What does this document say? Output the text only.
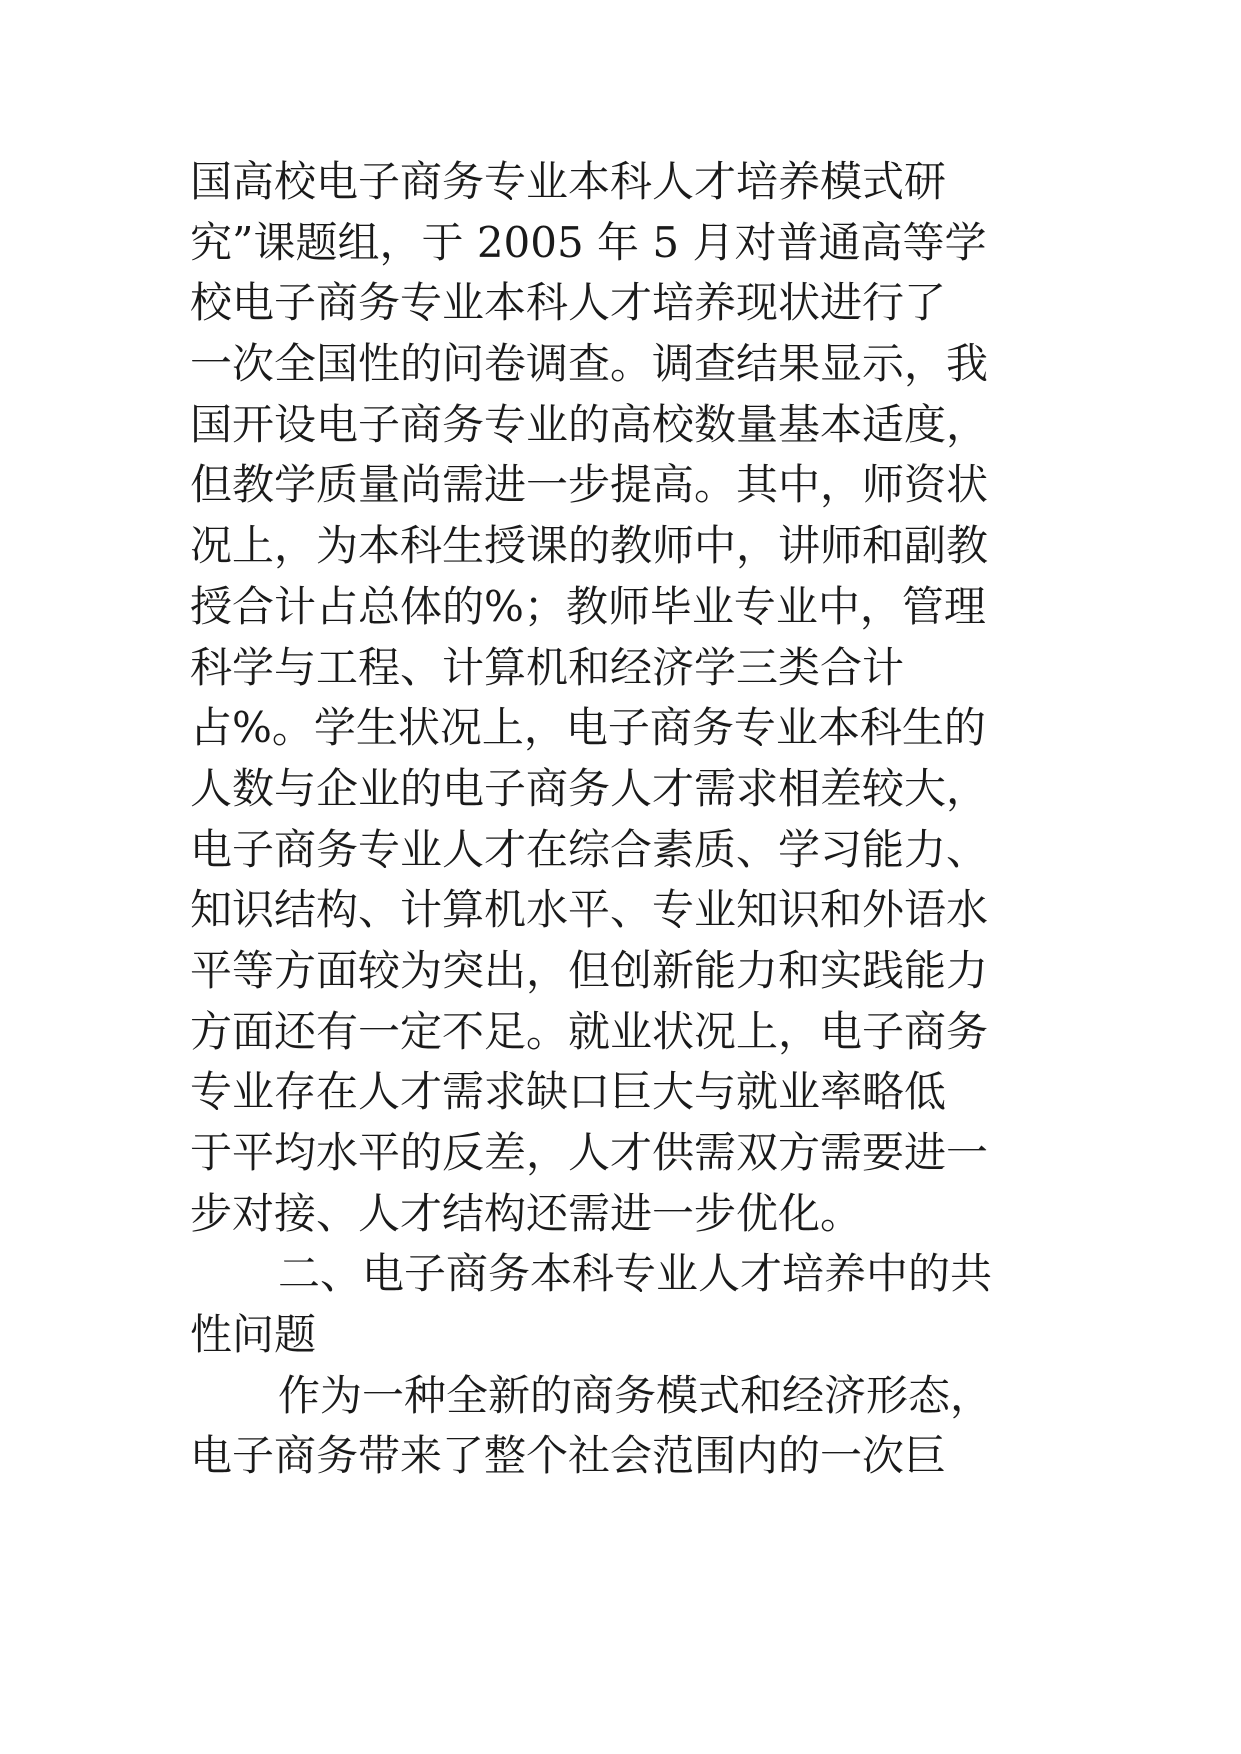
国高校电子商务专业本科人才培养模式研
究”课题组，于 2005 年 5 月对普通高等学
校电子商务专业本科人才培养现状进行了
一次全国性的问卷调查。调查结果显示，我
国开设电子商务专业的高校数量基本适度，
但教学质量尚需进一步提高。其中，师资状
况上，为本科生授课的教师中，讲师和副教
授合计占总体的%；教师毕业专业中，管理
科学与工程、计算机和经济学三类合计
占%。学生状况上，电子商务专业本科生的
人数与企业的电子商务人才需求相差较大，
电子商务专业人才在综合素质、学习能力、
知识结构、计算机水平、专业知识和外语水
平等方面较为突出，但创新能力和实践能力
方面还有一定不足。就业状况上，电子商务
专业存在人才需求缺口巨大与就业率略低
于平均水平的反差，人才供需双方需要进一
步对接、人才结构还需进一步优化。
二、电子商务本科专业人才培养中的共
性问题
作为一种全新的商务模式和经济形态，
电子商务带来了整个社会范围内的一次巨
